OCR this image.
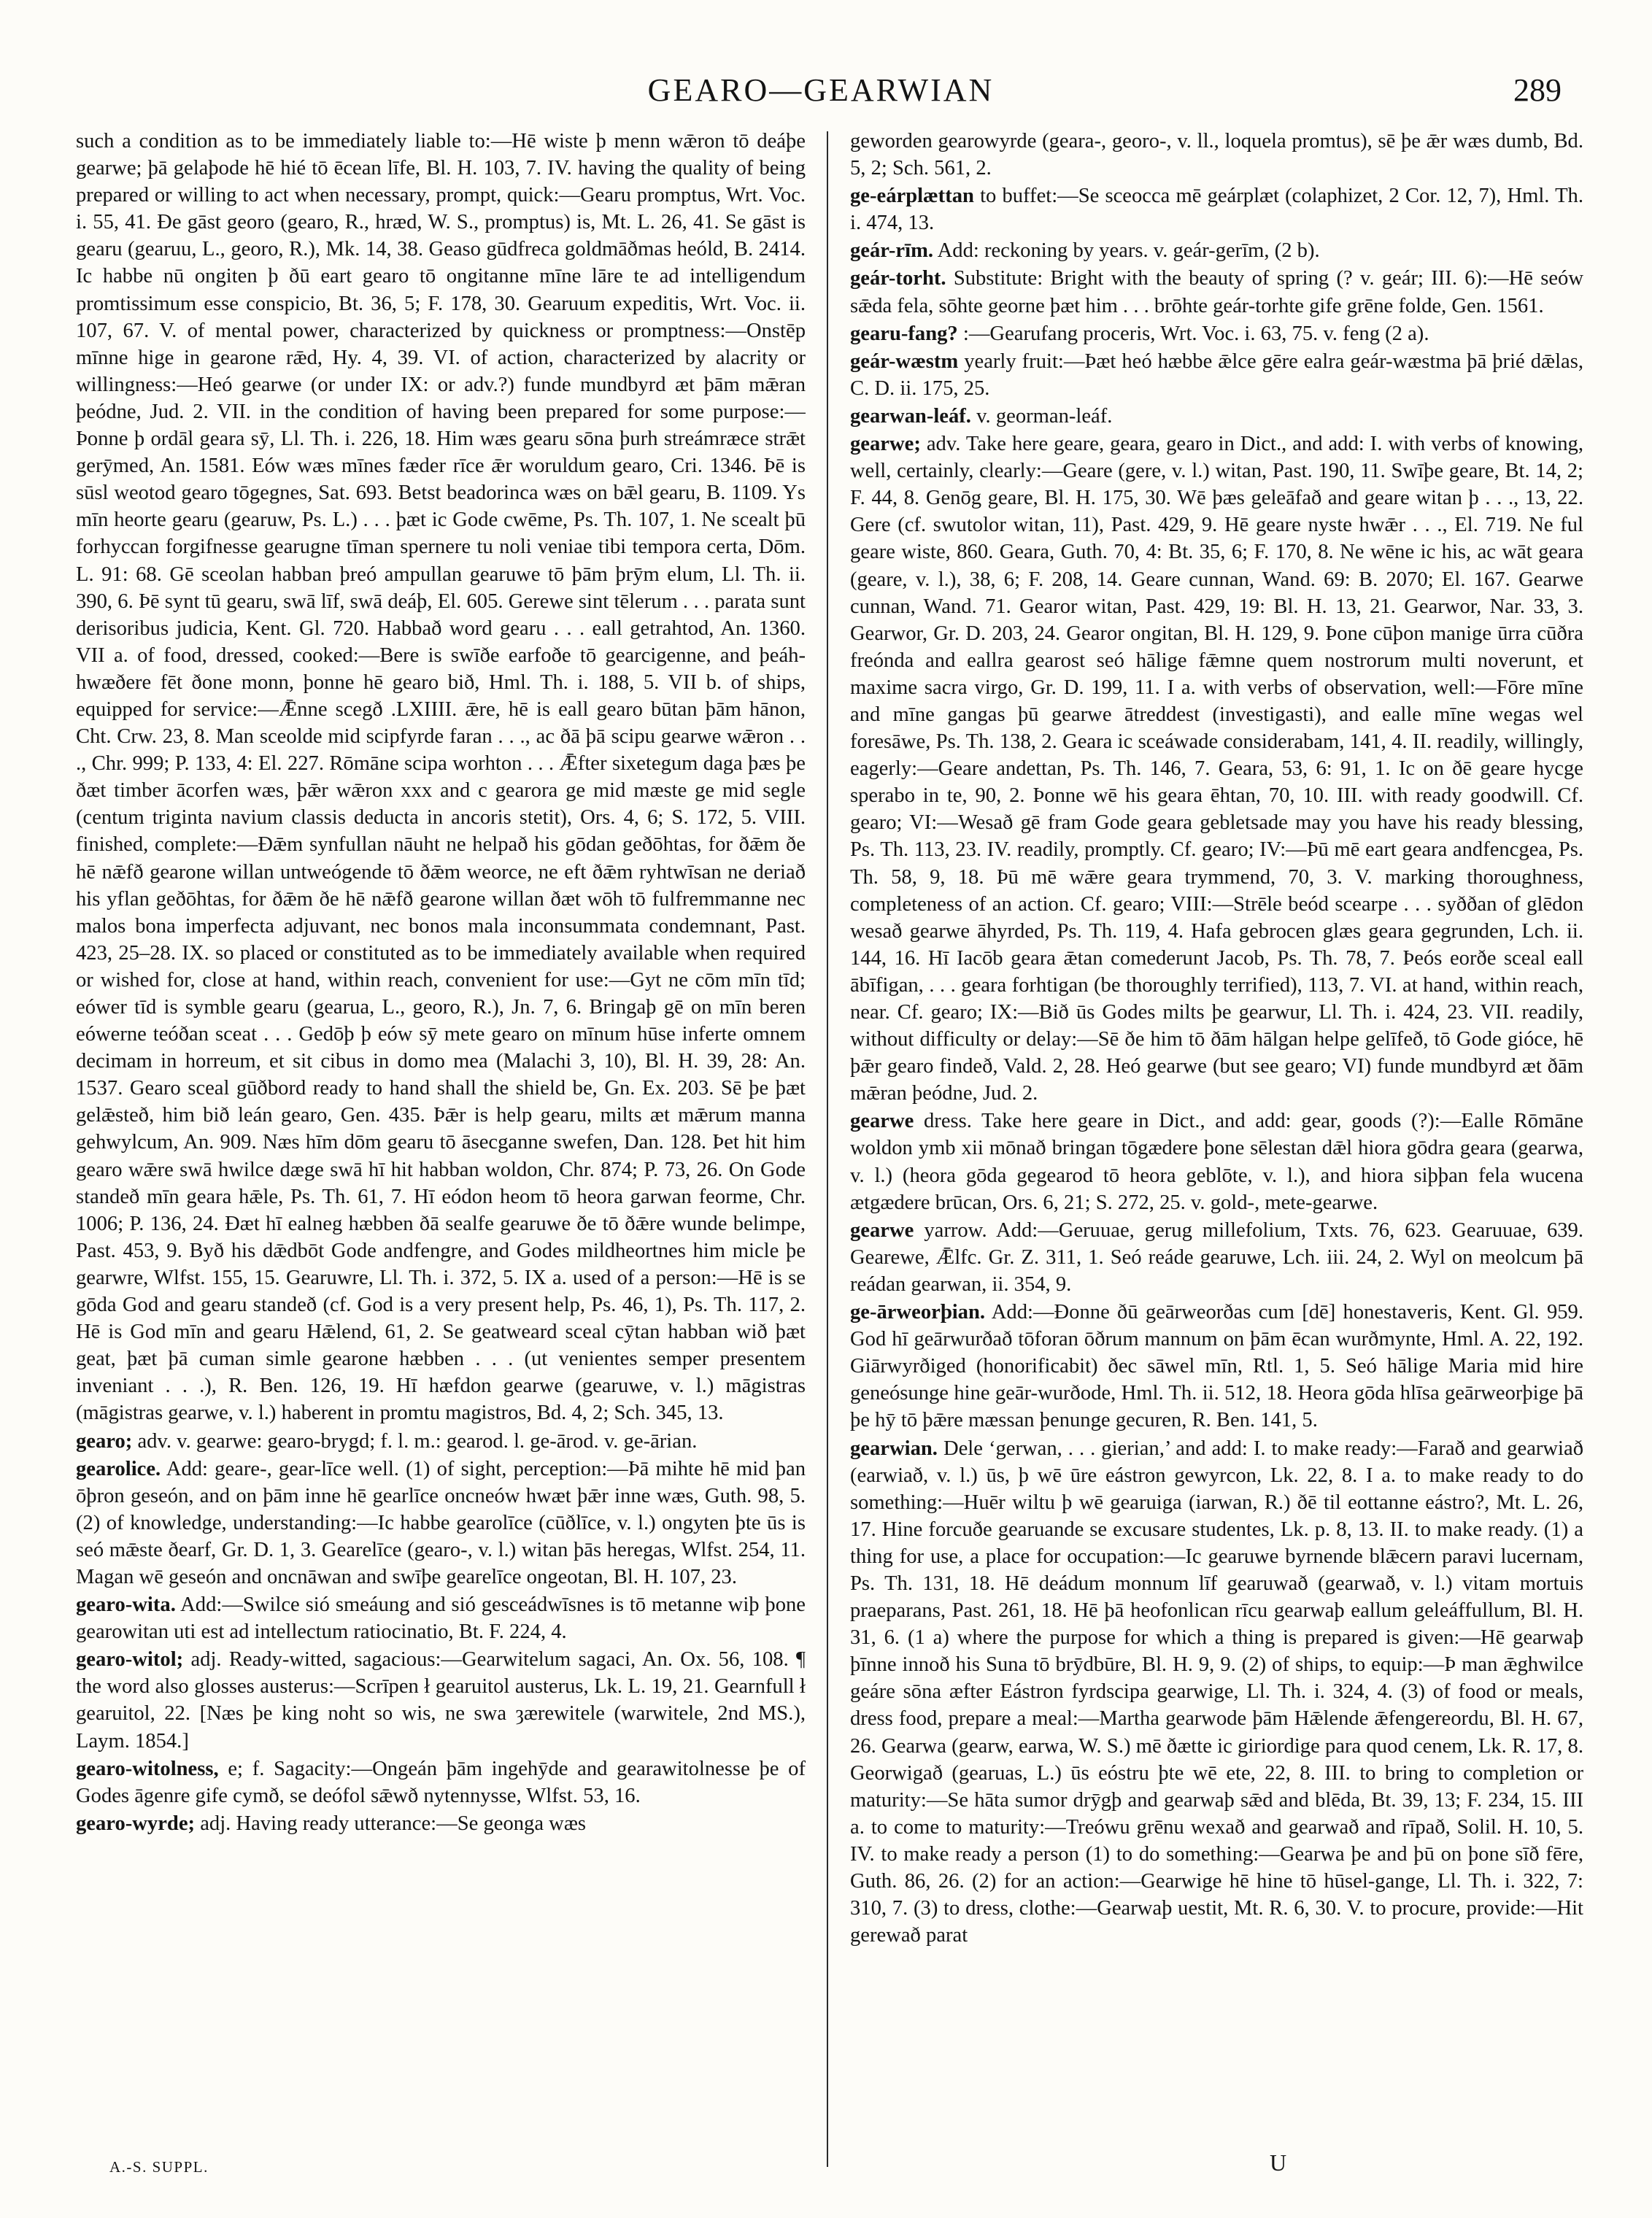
GEARO—GEARWIAN	289

such a condition as to be immediately liable to:—Hē wiste þ menn wǣron tō deáþe gearwe; þā gelaþode hē hié tō ēcean līfe, Bl. H. 103, 7. IV. having the quality of being prepared or willing to act when necessary, prompt, quick:—Gearu promptus, Wrt. Voc. i. 55, 41. Ðe gāst georo (gearo, R., hræd, W. S., promptus) is, Mt. L. 26, 41. Se gāst is gearu (gearuu, L., georo, R.), Mk. 14, 38. Geaso gūdfreca goldmāðmas heóld, B. 2414. Ic habbe nū ongiten þ ðū eart gearo tō ongitanne mīne lāre te ad intelligendum promtissimum esse conspicio, Bt. 36, 5; F. 178, 30. Gearuum expeditis, Wrt. Voc. ii. 107, 67. V. of mental power, characterized by quickness or promptness:—Onstēp mīnne hige in gearone rǣd, Hy. 4, 39. VI. of action, characterized by alacrity or willingness:—Heó gearwe (or under IX: or adv.?) funde mundbyrd æt þām mǣran þeódne, Jud. 2. VII. in the condition of having been prepared for some purpose:—Þonne þ ordāl geara sȳ, Ll. Th. i. 226, 18. Him wæs gearu sōna þurh streámræce strǣt gerȳmed, An. 1581. Eów wæs mīnes fæder rīce ǣr woruldum gearo, Cri. 1346. Þē is sūsl weotod gearo tōgegnes, Sat. 693. Betst beadorinca wæs on bǣl gearu, B. 1109. Ys mīn heorte gearu (gearuw, Ps. L.) . . . þæt ic Gode cwēme, Ps. Th. 107, 1. Ne scealt þū forhyccan forgifnesse gearugne tīman spernere tu noli veniae tibi tempora certa, Dōm. L. 91: 68. Gē sceolan habban þreó ampullan gearuwe tō þām þrȳm elum, Ll. Th. ii. 390, 6. Þē synt tū gearu, swā līf, swā deáþ, El. 605. Gerewe sint tēlerum . . . parata sunt derisoribus judicia, Kent. Gl. 720. Habbað word gearu . . . eall getrahtod, An. 1360. VII a. of food, dressed, cooked:—Bere is swīðe earfoðe tō gearcigenne, and þeáh-hwæðere fēt ðone monn, þonne hē gearo bið, Hml. Th. i. 188, 5. VII b. of ships, equipped for service:—Ǣnne scegð .LXIIII. ǣre, hē is eall gearo būtan þām hānon, Cht. Crw. 23, 8. Man sceolde mid scipfyrde faran . . ., ac ðā þā scipu gearwe wǣron . . ., Chr. 999; P. 133, 4: El. 227. Rōmāne scipa worhton . . . Ǣfter sixetegum daga þæs þe ðæt timber ācorfen wæs, þǣr wǣron xxx and c gearora ge mid mæste ge mid segle (centum triginta navium classis deducta in ancoris stetit), Ors. 4, 6; S. 172, 5. VIII. finished, complete:—Ðǣm synfullan nāuht ne helpað his gōdan geðōhtas, for ðǣm ðe hē nǣfð gearone willan untweógende tō ðǣm weorce, ne eft ðǣm ryhtwīsan ne deriað his yflan geðōhtas, for ðǣm ðe hē nǣfð gearone willan ðæt wōh tō fulfremmanne nec malos bona imperfecta adjuvant, nec bonos mala inconsummata condemnant, Past. 423, 25–28. IX. so placed or constituted as to be immediately available when required or wished for, close at hand, within reach, convenient for use:—Gyt ne cōm mīn tīd; eówer tīd is symble gearu (gearua, L., georo, R.), Jn. 7, 6. Bringaþ gē on mīn beren eówerne teóðan sceat . . . Gedōþ þ eów sȳ mete gearo on mīnum hūse inferte omnem decimam in horreum, et sit cibus in domo mea (Malachi 3, 10), Bl. H. 39, 28: An. 1537. Gearo sceal gūðbord ready to hand shall the shield be, Gn. Ex. 203. Sē þe þæt gelǣsteð, him bið leán gearo, Gen. 435. Þǣr is help gearu, milts æt mǣrum manna gehwylcum, An. 909. Næs hīm dōm gearu tō āsecganne swefen, Dan. 128. Þet hit him gearo wǣre swā hwilce dæge swā hī hit habban woldon, Chr. 874; P. 73, 26. On Gode standeð mīn geara hǣle, Ps. Th. 61, 7. Hī eódon heom tō heora garwan feorme, Chr. 1006; P. 136, 24. Ðæt hī ealneg hæbben ðā sealfe gearuwe ðe tō ðǣre wunde belimpe, Past. 453, 9. Byð his dǣdbōt Gode andfengre, and Godes mildheortnes him micle þe gearwre, Wlfst. 155, 15. Gearuwre, Ll. Th. i. 372, 5. IX a. used of a person:—Hē is se gōda God and gearu standeð (cf. God is a very present help, Ps. 46, 1), Ps. Th. 117, 2. Hē is God mīn and gearu Hǣlend, 61, 2. Se geatweard sceal cȳtan habban wið þæt geat, þæt þā cuman simle gearone hæbben . . . (ut venientes semper presentem inveniant . . .), R. Ben. 126, 19. Hī hæfdon gearwe (gearuwe, v. l.) māgistras (māgistras gearwe, v. l.) haberent in promtu magistros, Bd. 4, 2; Sch. 345, 13.

gearo; adv. v. gearwe: gearo-brygd; f. l. m.: gearod. l. ge-ārod. v. ge-ārian.

gearolice. Add: geare-, gear-līce well. (1) of sight, perception:—Þā mihte hē mid þan ōþron geseón, and on þām inne hē gearlīce oncneów hwæt þǣr inne wæs, Guth. 98, 5. (2) of knowledge, understanding:—Ic habbe gearolīce (cūðlīce, v. l.) ongyten þte ūs is seó mǣste ðearf, Gr. D. 1, 3. Gearelīce (gearo-, v. l.) witan þās heregas, Wlfst. 254, 11. Magan wē geseón and oncnāwan and swīþe gearelīce ongeotan, Bl. H. 107, 23.

gearo-wita. Add:—Swilce sió smeáung and sió gesceádwīsnes is tō metanne wiþ þone gearowitan uti est ad intellectum ratiocinatio, Bt. F. 224, 4.

gearo-witol; adj. Ready-witted, sagacious:—Gearwitelum sagaci, An. Ox. 56, 108. ¶ the word also glosses austerus:—Scrīpen ł gearuitol austerus, Lk. L. 19, 21. Gearnfull ł gearuitol, 22. [Næs þe king noht so wis, ne swa ȝærewitele (warwitele, 2nd MS.), Laym. 1854.]

gearo-witolness, e; f. Sagacity:—Ongeán þām ingehȳde and gearawitolnesse þe of Godes āgenre gife cymð, se deófol sǣwð nytennysse, Wlfst. 53, 16.

gearo-wyrde; adj. Having ready utterance:—Se geonga wæs

geworden gearowyrde (geara-, georo-, v. ll., loquela promtus), sē þe ǣr wæs dumb, Bd. 5, 2; Sch. 561, 2.

ge-eárplættan to buffet:—Se sceocca mē geárplæt (colaphizet, 2 Cor. 12, 7), Hml. Th. i. 474, 13.

geár-rīm. Add: reckoning by years. v. geár-gerīm, (2 b).

geár-torht. Substitute: Bright with the beauty of spring (? v. geár; III. 6):—Hē seów sǣda fela, sōhte georne þæt him . . . brōhte geár-torhte gife grēne folde, Gen. 1561.

gearu-fang? :—Gearufang proceris, Wrt. Voc. i. 63, 75. v. feng (2 a).

geár-wæstm yearly fruit:—Þæt heó hæbbe ǣlce gēre ealra geár-wæstma þā þrié dǣlas, C. D. ii. 175, 25.

gearwan-leáf. v. georman-leáf.

gearwe; adv. Take here geare, geara, gearo in Dict., and add: I. with verbs of knowing, well, certainly, clearly:—Geare (gere, v. l.) witan, Past. 190, 11. Swīþe geare, Bt. 14, 2; F. 44, 8. Genōg geare, Bl. H. 175, 30. Wē þæs geleāfað and geare witan þ . . ., 13, 22. Gere (cf. swutolor witan, 11), Past. 429, 9. Hē geare nyste hwǣr . . ., El. 719. Ne ful geare wiste, 860. Geara, Guth. 70, 4: Bt. 35, 6; F. 170, 8. Ne wēne ic his, ac wāt geara (geare, v. l.), 38, 6; F. 208, 14. Geare cunnan, Wand. 69: B. 2070; El. 167. Gearwe cunnan, Wand. 71. Gearor witan, Past. 429, 19: Bl. H. 13, 21. Gearwor, Nar. 33, 3. Gearwor, Gr. D. 203, 24. Gearor ongitan, Bl. H. 129, 9. Þone cūþon manige ūrra cūðra freónda and eallra gearost seó hālige fǣmne quem nostrorum multi noverunt, et maxime sacra virgo, Gr. D. 199, 11. I a. with verbs of observation, well:—Fōre mīne and mīne gangas þū gearwe ātreddest (investigasti), and ealle mīne wegas wel foresāwe, Ps. Th. 138, 2. Geara ic sceáwade considerabam, 141, 4. II. readily, willingly, eagerly:—Geare andettan, Ps. Th. 146, 7. Geara, 53, 6: 91, 1. Ic on ðē geare hycge sperabo in te, 90, 2. Þonne wē his geara ēhtan, 70, 10. III. with ready goodwill. Cf. gearo; VI:—Wesað gē fram Gode geara gebletsade may you have his ready blessing, Ps. Th. 113, 23. IV. readily, promptly. Cf. gearo; IV:—Þū mē eart geara andfencgea, Ps. Th. 58, 9, 18. Þū mē wǣre geara trymmend, 70, 3. V. marking thoroughness, completeness of an action. Cf. gearo; VIII:—Strēle beód scearpe . . . syððan of glēdon wesað gearwe āhyrded, Ps. Th. 119, 4. Hafa gebrocen glæs geara gegrunden, Lch. ii. 144, 16. Hī Iacōb geara ǣtan comederunt Jacob, Ps. Th. 78, 7. Þeós eorðe sceal eall ābīfigan, . . . geara forhtigan (be thoroughly terrified), 113, 7. VI. at hand, within reach, near. Cf. gearo; IX:—Bið ūs Godes milts þe gearwur, Ll. Th. i. 424, 23. VII. readily, without difficulty or delay:—Sē ðe him tō ðām hālgan helpe gelīfeð, tō Gode gióce, hē þǣr gearo findeð, Vald. 2, 28. Heó gearwe (but see gearo; VI) funde mundbyrd æt ðām mǣran þeódne, Jud. 2.

gearwe dress. Take here geare in Dict., and add: gear, goods (?):—Ealle Rōmāne woldon ymb xii mōnað bringan tōgædere þone sēlestan dǣl hiora gōdra geara (gearwa, v. l.) (heora gōda gegearod tō heora geblōte, v. l.), and hiora siþþan fela wucena ætgædere brūcan, Ors. 6, 21; S. 272, 25. v. gold-, mete-gearwe.

gearwe yarrow. Add:—Geruuae, gerug millefolium, Txts. 76, 623. Gearuuae, 639. Gearewe, Ǣlfc. Gr. Z. 311, 1. Seó reáde gearuwe, Lch. iii. 24, 2. Wyl on meolcum þā reádan gearwan, ii. 354, 9.

ge-ārweorþian. Add:—Ðonne ðū geārweorðas cum [dē] honestaveris, Kent. Gl. 959. God hī geārwurðað tōforan ōðrum mannum on þām ēcan wurðmynte, Hml. A. 22, 192. Giārwyrðiged (honorificabit) ðec sāwel mīn, Rtl. 1, 5. Seó hālige Maria mid hire geneósunge hine geār-wurðode, Hml. Th. ii. 512, 18. Heora gōda hlīsa geārweorþige þā þe hȳ tō þǣre mæssan þenunge gecuren, R. Ben. 141, 5.

gearwian. Dele ‘gerwan, . . . gierian,’ and add: I. to make ready:—Farað and gearwiað (earwiað, v. l.) ūs, þ wē ūre eástron gewyrcon, Lk. 22, 8. I a. to make ready to do something:—Huēr wiltu þ wē gearuiga (iarwan, R.) ðē til eottanne eástro?, Mt. L. 26, 17. Hine forcuðe gearuande se excusare studentes, Lk. p. 8, 13. II. to make ready. (1) a thing for use, a place for occupation:—Ic gearuwe byrnende blǣcern paravi lucernam, Ps. Th. 131, 18. Hē deádum monnum līf gearuwað (gearwað, v. l.) vitam mortuis praeparans, Past. 261, 18. Hē þā heofonlican rīcu gearwaþ eallum geleáffullum, Bl. H. 31, 6. (1 a) where the purpose for which a thing is prepared is given:—Hē gearwaþ þīnne innoð his Suna tō brȳdbūre, Bl. H. 9, 9. (2) of ships, to equip:—Þ man ǣghwilce geáre sōna æfter Eástron fyrdscipa gearwige, Ll. Th. i. 324, 4. (3) of food or meals, dress food, prepare a meal:—Martha gearwode þām Hǣlende ǣfengereordu, Bl. H. 67, 26. Gearwa (gearw, earwa, W. S.) mē ðætte ic giriordige para quod cenem, Lk. R. 17, 8. Georwigað (gearuas, L.) ūs eóstru þte wē ete, 22, 8. III. to bring to completion or maturity:—Se hāta sumor drȳgþ and gearwaþ sǣd and blēda, Bt. 39, 13; F. 234, 15. III a. to come to maturity:—Treówu grēnu wexað and gearwað and rīpað, Solil. H. 10, 5. IV. to make ready a person (1) to do something:—Gearwa þe and þū on þone sīð fēre, Guth. 86, 26. (2) for an action:—Gearwige hē hine tō hūsel-gange, Ll. Th. i. 322, 7: 310, 7. (3) to dress, clothe:—Gearwaþ uestit, Mt. R. 6, 30. V. to procure, provide:—Hit gerewað parat

A.-S. SUPPL.	U
